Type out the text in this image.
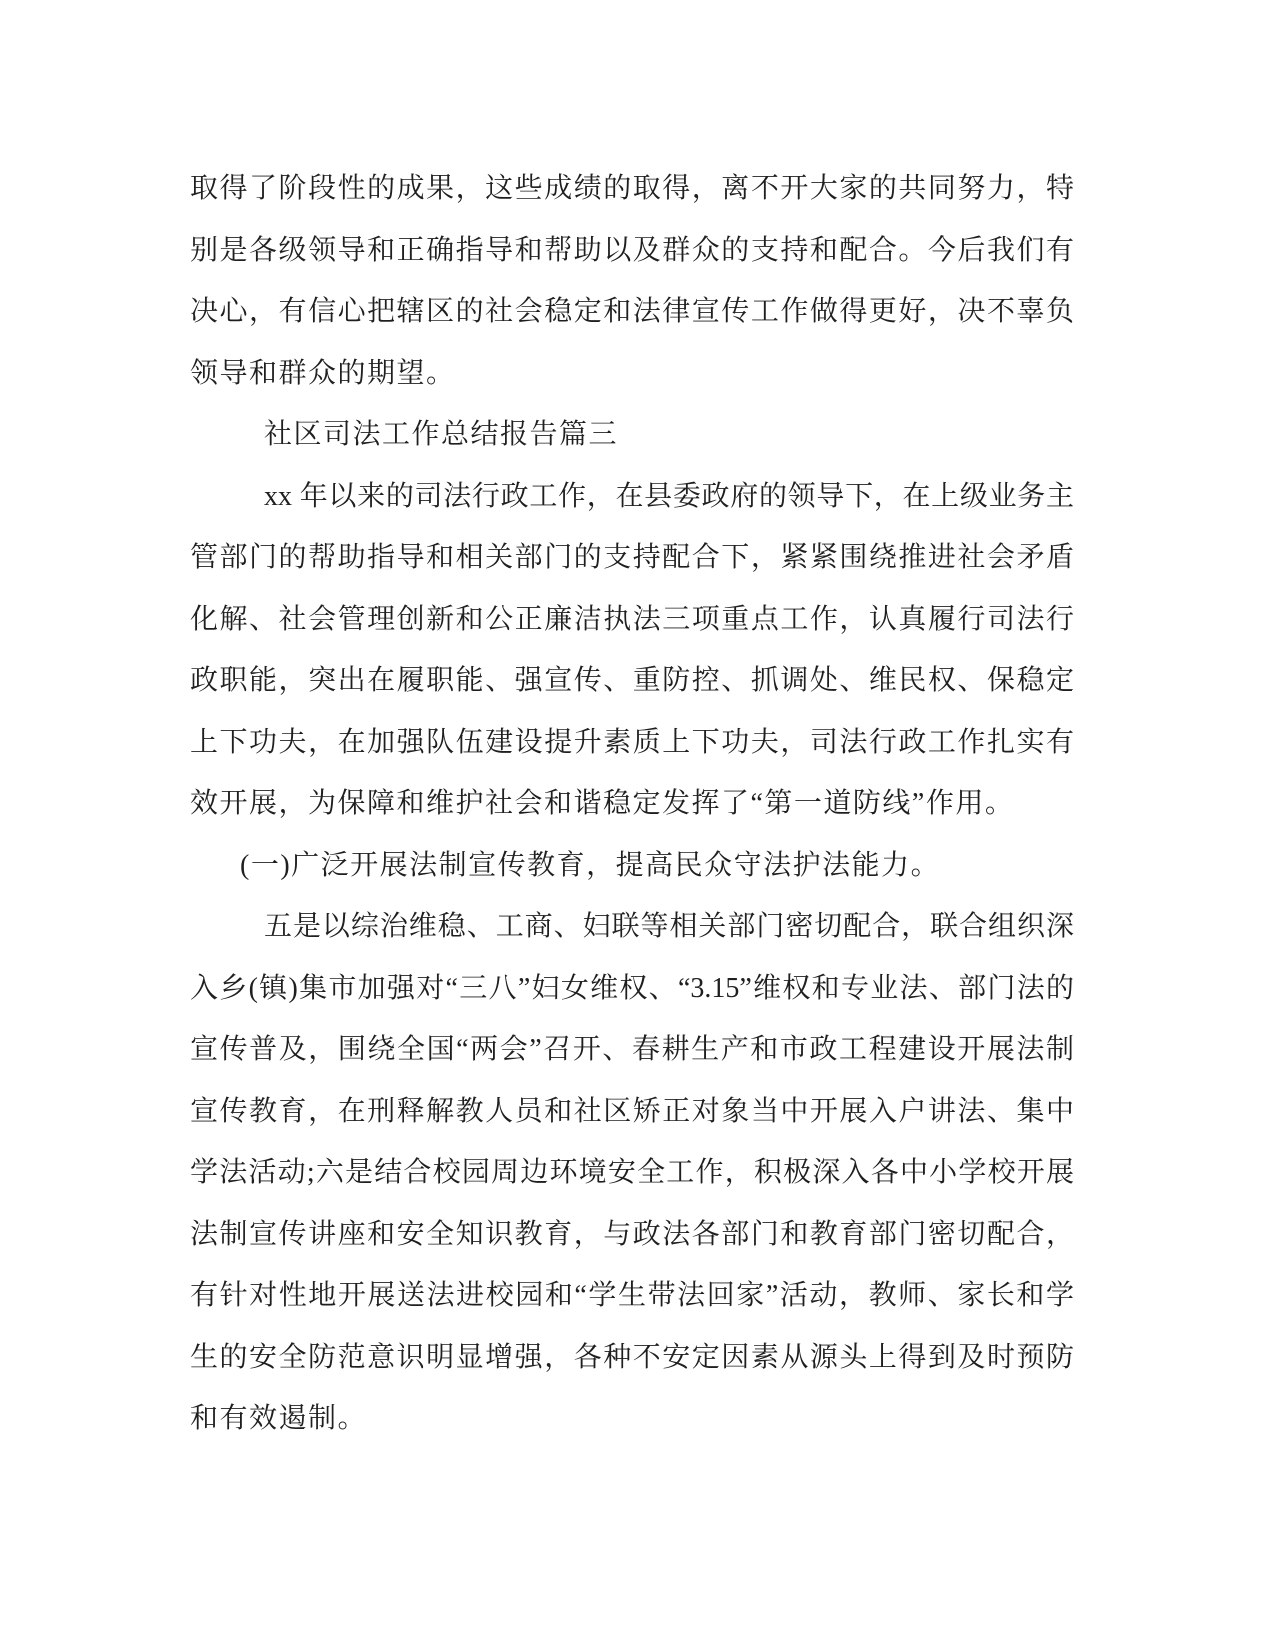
取得了阶段性的成果，这些成绩的取得，离不开大家的共同努力，特
别是各级领导和正确指导和帮助以及群众的支持和配合。今后我们有
决心，有信心把辖区的社会稳定和法律宣传工作做得更好，决不辜负
领导和群众的期望。
社区司法工作总结报告篇三
xx 年以来的司法行政工作，在县委政府的领导下，在上级业务主
管部门的帮助指导和相关部门的支持配合下，紧紧围绕推进社会矛盾
化解、社会管理创新和公正廉洁执法三项重点工作，认真履行司法行
政职能，突出在履职能、强宣传、重防控、抓调处、维民权、保稳定
上下功夫，在加强队伍建设提升素质上下功夫，司法行政工作扎实有
效开展，为保障和维护社会和谐稳定发挥了“第一道防线”作用。
(一)广泛开展法制宣传教育，提高民众守法护法能力。
五是以综治维稳、工商、妇联等相关部门密切配合，联合组织深
入乡(镇)集市加强对“三八”妇女维权、“3.15”维权和专业法、部门法的
宣传普及，围绕全国“两会”召开、春耕生产和市政工程建设开展法制
宣传教育，在刑释解教人员和社区矫正对象当中开展入户讲法、集中
学法活动;六是结合校园周边环境安全工作，积极深入各中小学校开展
法制宣传讲座和安全知识教育，与政法各部门和教育部门密切配合，
有针对性地开展送法进校园和“学生带法回家”活动，教师、家长和学
生的安全防范意识明显增强，各种不安定因素从源头上得到及时预防
和有效遏制。
